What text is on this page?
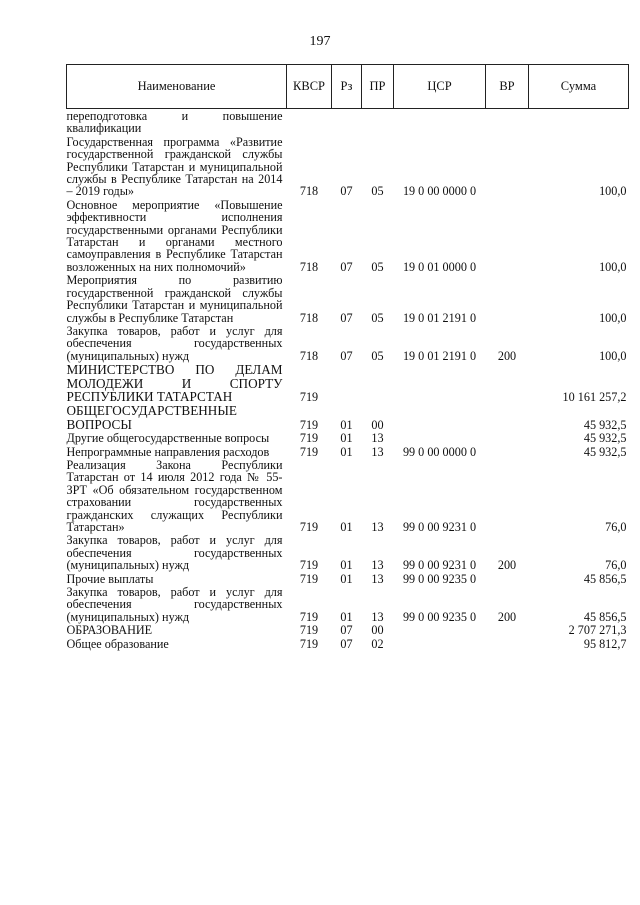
197
Наименование	КВСР	Рз	ПР	ЦСР	ВР	Сумма
переподготовка и повышение квалификации						
Государственная программа «Развитие государственной гражданской службы Республики Татарстан и муниципальной службы в Республике Татарстан на 2014 – 2019 годы»	718	07	05	19 0 00 0000 0		100,0
Основное мероприятие «Повышение эффективности исполнения государственными органами Республики Татарстан и органами местного самоуправления в Республике Татарстан возложенных на них полномочий»	718	07	05	19 0 01 0000 0		100,0
Мероприятия по развитию государственной гражданской службы Республики Татарстан и муниципальной службы в Республике Татарстан	718	07	05	19 0 01 2191 0		100,0
Закупка товаров, работ и услуг для обеспечения государственных (муниципальных) нужд	718	07	05	19 0 01 2191 0	200	100,0
МИНИСТЕРСТВО ПО ДЕЛАМ МОЛОДЕЖИ И СПОРТУ РЕСПУБЛИКИ ТАТАРСТАН	719					10 161 257,2
ОБЩЕГОСУДАРСТВЕННЫЕ ВОПРОСЫ	719	01	00			45 932,5
Другие общегосударственные вопросы	719	01	13			45 932,5
Непрограммные направления расходов	719	01	13	99 0 00 0000 0		45 932,5
Реализация Закона Республики Татарстан от 14 июля 2012 года № 55-ЗРТ «Об обязательном государственном страховании государственных гражданских служащих Республики Татарстан»	719	01	13	99 0 00 9231 0		76,0
Закупка товаров, работ и услуг для обеспечения государственных (муниципальных) нужд	719	01	13	99 0 00 9231 0	200	76,0
Прочие выплаты	719	01	13	99 0 00 9235 0		45 856,5
Закупка товаров, работ и услуг для обеспечения государственных (муниципальных) нужд	719	01	13	99 0 00 9235 0	200	45 856,5
ОБРАЗОВАНИЕ	719	07	00			2 707 271,3
Общее образование	719	07	02			95 812,7
